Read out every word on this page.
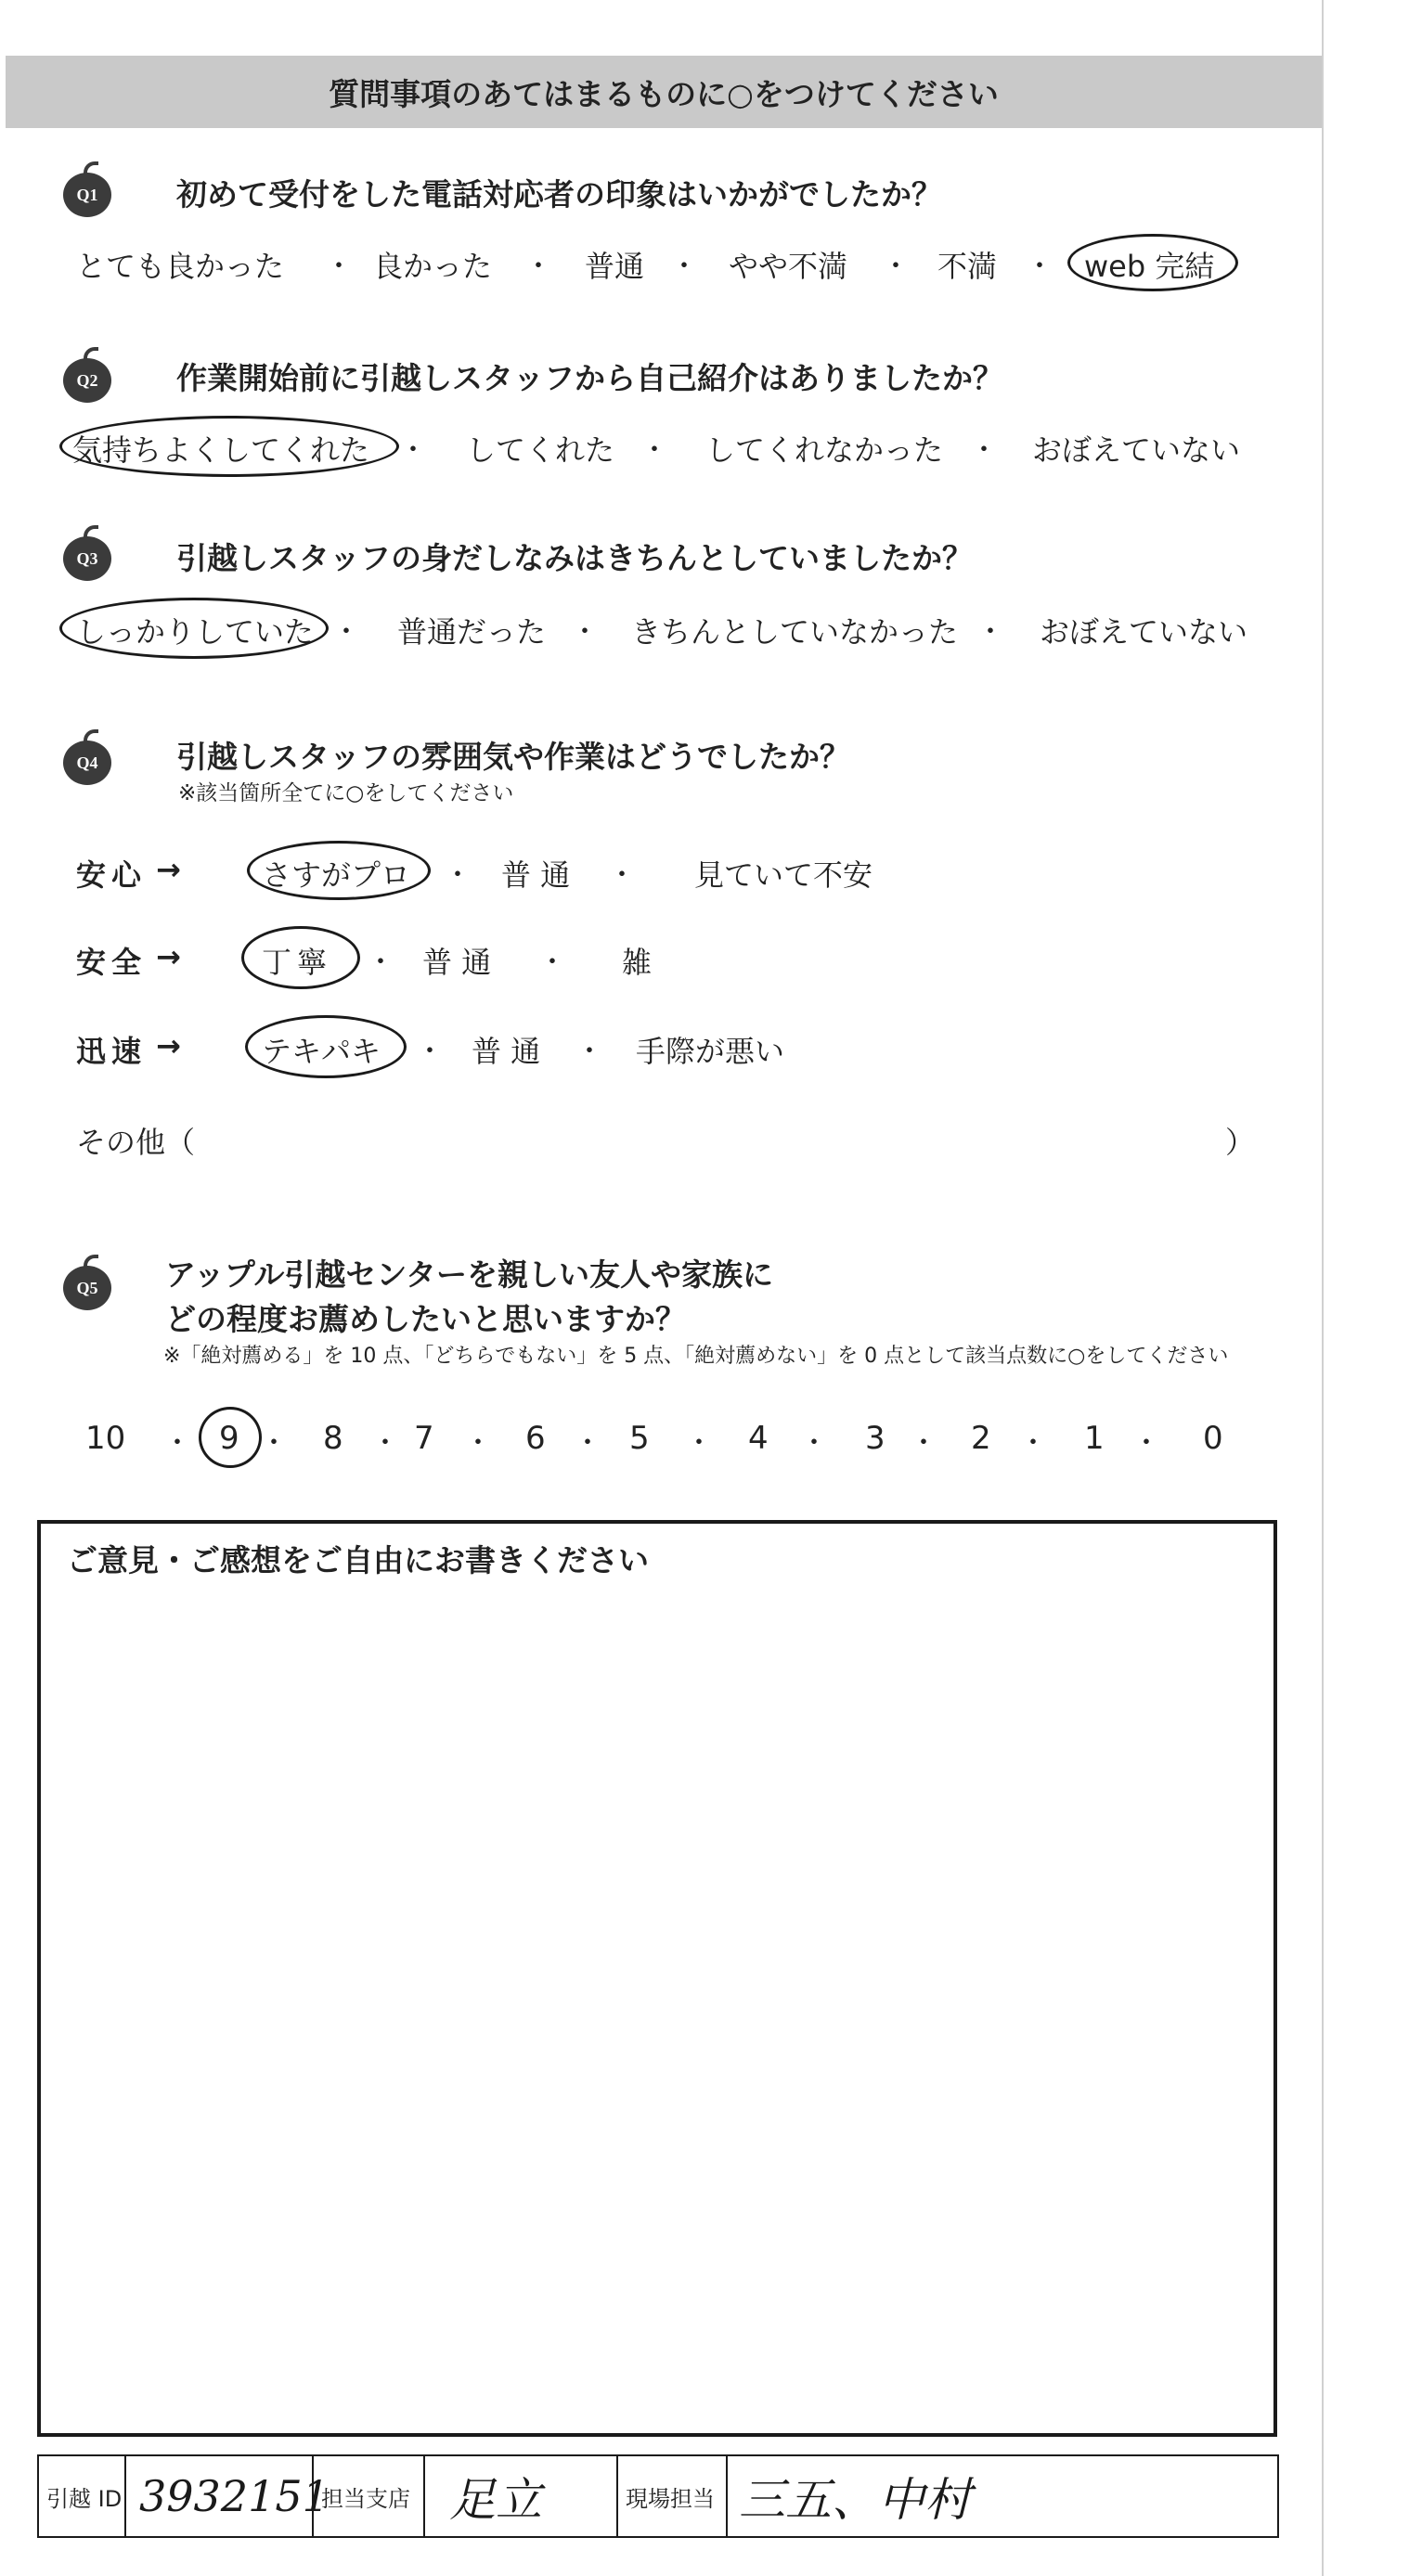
質問事項のあてはまるものに○をつけてください
Q1	初めて受付をした電話対応者の印象はいかがでしたか？
とても良かった ・ 良かった ・ 普通 ・ やや不満 ・ 不満 ・ web 完結
Q2	作業開始前に引越しスタッフから自己紹介はありましたか？
気持ちよくしてくれた ・ してくれた ・ してくれなかった ・ おぼえていない
Q3	引越しスタッフの身だしなみはきちんとしていましたか？
しっかりしていた ・ 普通だった ・ きちんとしていなかった ・ おぼえていない
Q4	引越しスタッフの雰囲気や作業はどうでしたか？
※該当箇所全てに○をしてください
安心 →	さすがプロ ・ 普 通 ・ 見ていて不安
安全 →	丁寧 ・ 普 通 ・ 雑
迅速 →	テキパキ ・ 普 通 ・ 手際が悪い
その他（	）
Q5	アップル引越センターを親しい友人や家族に
どの程度お薦めしたいと思いますか？
※「絶対薦める」を 10 点、「どちらでもない」を 5 点、「絶対薦めない」を 0 点として該当点数に○をしてください
10 ・ 9 ・ 8 ・ 7 ・ 6 ・ 5 ・ 4 ・ 3 ・ 2 ・ 1 ・ 0
ご意見・ご感想をご自由にお書きください
引越 ID 3932151
担当支店 足立	現場担当 三五、中村
